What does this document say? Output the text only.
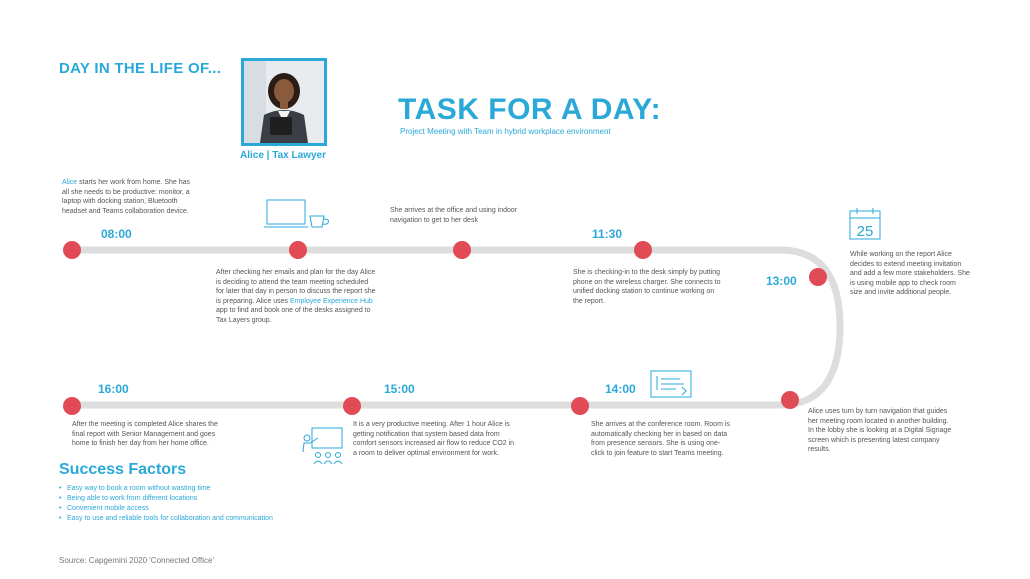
DAY IN THE LIFE OF...
Alice | Tax Lawyer
TASK FOR A DAY:
Project Meeting with Team in hybrid workplace environment
08:00	11:30
13:00
14:00
15:00
16:00
Alice starts her work from home. She has all she needs to be productive: monitor, a laptop with docking station, Bluetooth headset and Teams collaboration device.
After checking her emails and plan for the day Alice is deciding to attend the team meeting scheduled for later that day in person to discuss the report she is preparing. Alice uses Employee Experience Hub app to find and book one of the desks assigned to Tax Layers group.
She arrives at the office and using indoor navigation to get to her desk
She is checking-in to the desk simply by putting phone on the wireless charger. She connects to unified docking station to continue working on the report.
While working on the report Alice decides to extend meeting invitation and add a few more stakeholders. She is using mobile app to check room size and invite additional people.
Alice uses turn by turn navigation that guides her meeting room located in another building. In the lobby she is looking at a Digital Signage screen which is presenting latest company results.
She arrives at the conference room. Room is automatically checking her in based on data from presence sensors. She is using one-click to join feature to start Teams meeting.
It is a very productive meeting. After 1 hour Alice is getting notification that system based data from comfort sensors increased air flow to reduce CO2 in a room to deliver optimal environment for work.
After the meeting is completed Alice shares the final report with Senior Management and goes home to finish her day from her home office.
25
Success Factors
• Easy way to book a room without wasting time
• Being able to work from different locations
• Convenient mobile access
• Easy to use and reliable tools for collaboration and communication
Source: Capgemini 2020 'Connected Office'
